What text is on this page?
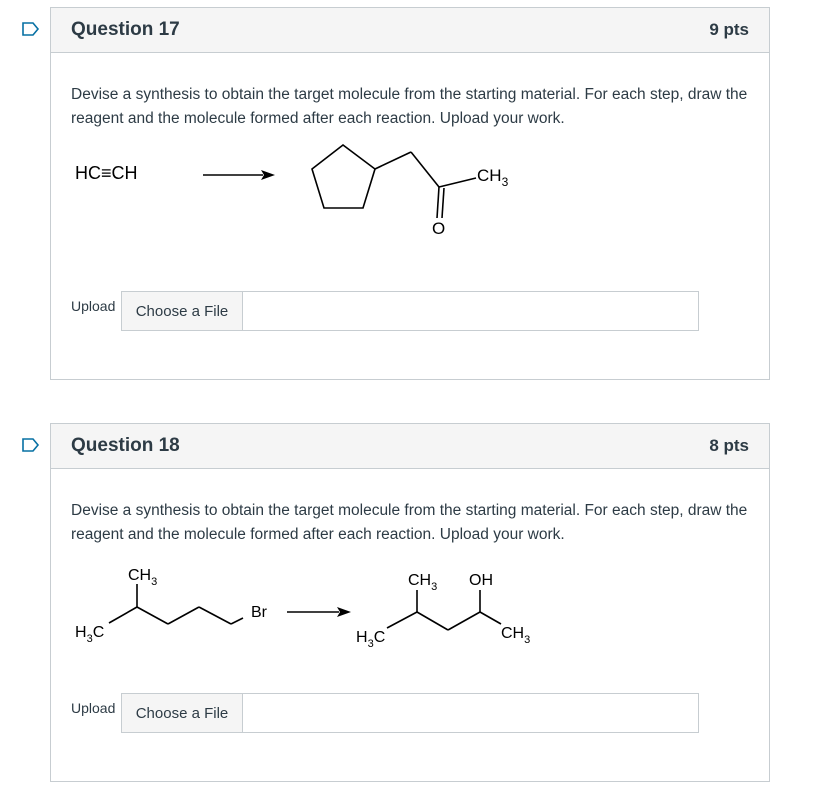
Question 17	9 pts
Devise a synthesis to obtain the target molecule from the starting material. For each step, draw the reagent and the molecule formed after each reaction. Upload your work.
HC≡CH	$CH_3$
O
Upload	Choose a File
Question 18	8 pts
Devise a synthesis to obtain the target molecule from the starting material. For each step, draw the reagent and the molecule formed after each reaction. Upload your work.
$CH_3$
$H_3C$
Br
$CH_3$ OH
$H_3C$	$CH_3$
Upload	Choose a File
